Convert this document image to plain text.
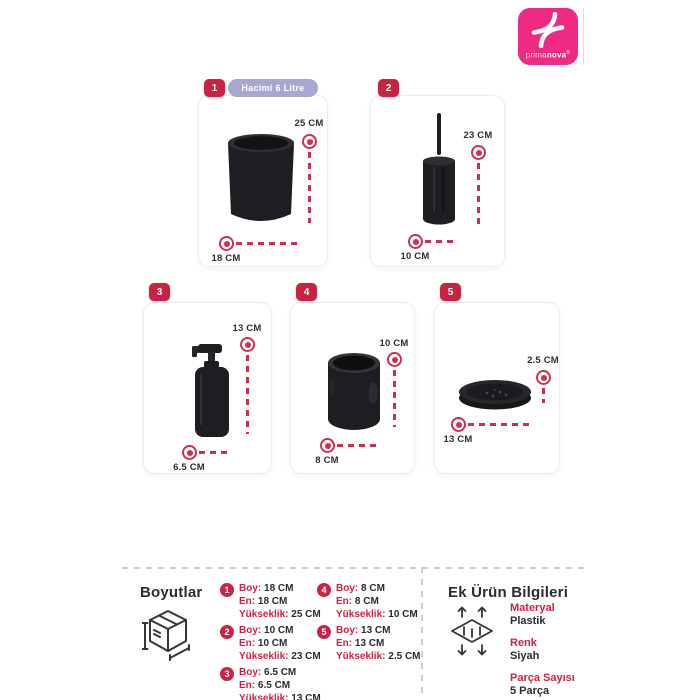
primanova®
1	Hacimi 6 Litre
25 CM
18 CM
2
23 CM
10 CM
3
13 CM
6.5 CM
4
10 CM
8 CM
5
2.5 CM
13 CM
Boyutlar	1 Boy: 18 CM
En: 18 CM
Yükseklik: 25 CM
2 Boy: 10 CM
En: 10 CM
Yükseklik: 23 CM
3 Boy: 6.5 CM
En: 6.5 CM
Yükseklik: 13 CM
4 Boy: 8 CM
En: 8 CM
Yükseklik: 10 CM
5 Boy: 13 CM
En: 13 CM
Yükseklik: 2.5 CM
Ek Ürün Bilgileri
Materyal
Plastik
Renk
Siyah
Parça Sayısı
5 Parça
